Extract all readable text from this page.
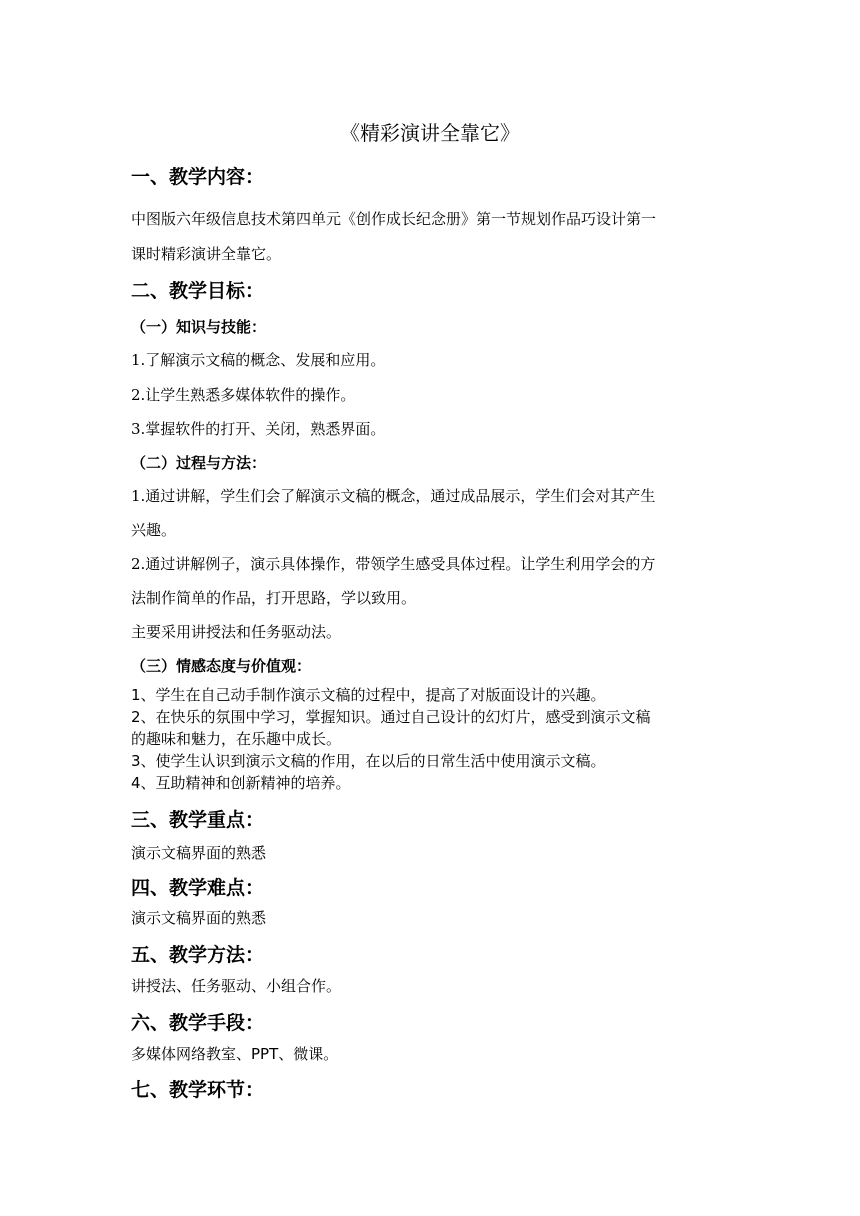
《精彩演讲全靠它》
一、教学内容：
中图版六年级信息技术第四单元《创作成长纪念册》第一节规划作品巧设计第一
课时精彩演讲全靠它。
二、教学目标：
（一）知识与技能：
1.了解演示文稿的概念、发展和应用。
2.让学生熟悉多媒体软件的操作。
3.掌握软件的打开、关闭，熟悉界面。
（二）过程与方法：
1.通过讲解，学生们会了解演示文稿的概念，通过成品展示，学生们会对其产生
兴趣。
2.通过讲解例子，演示具体操作，带领学生感受具体过程。让学生利用学会的方
法制作简单的作品，打开思路，学以致用。
主要采用讲授法和任务驱动法。
（三）情感态度与价值观：
1、学生在自己动手制作演示文稿的过程中，提高了对版面设计的兴趣。
2、在快乐的氛围中学习，掌握知识。通过自己设计的幻灯片，感受到演示文稿
的趣味和魅力，在乐趣中成长。
3、使学生认识到演示文稿的作用，在以后的日常生活中使用演示文稿。
4、互助精神和创新精神的培养。
三、教学重点：
演示文稿界面的熟悉
四、教学难点：
演示文稿界面的熟悉
五、教学方法：
讲授法、任务驱动、小组合作。
六、教学手段：
多媒体网络教室、PPT、微课。
七、教学环节：
